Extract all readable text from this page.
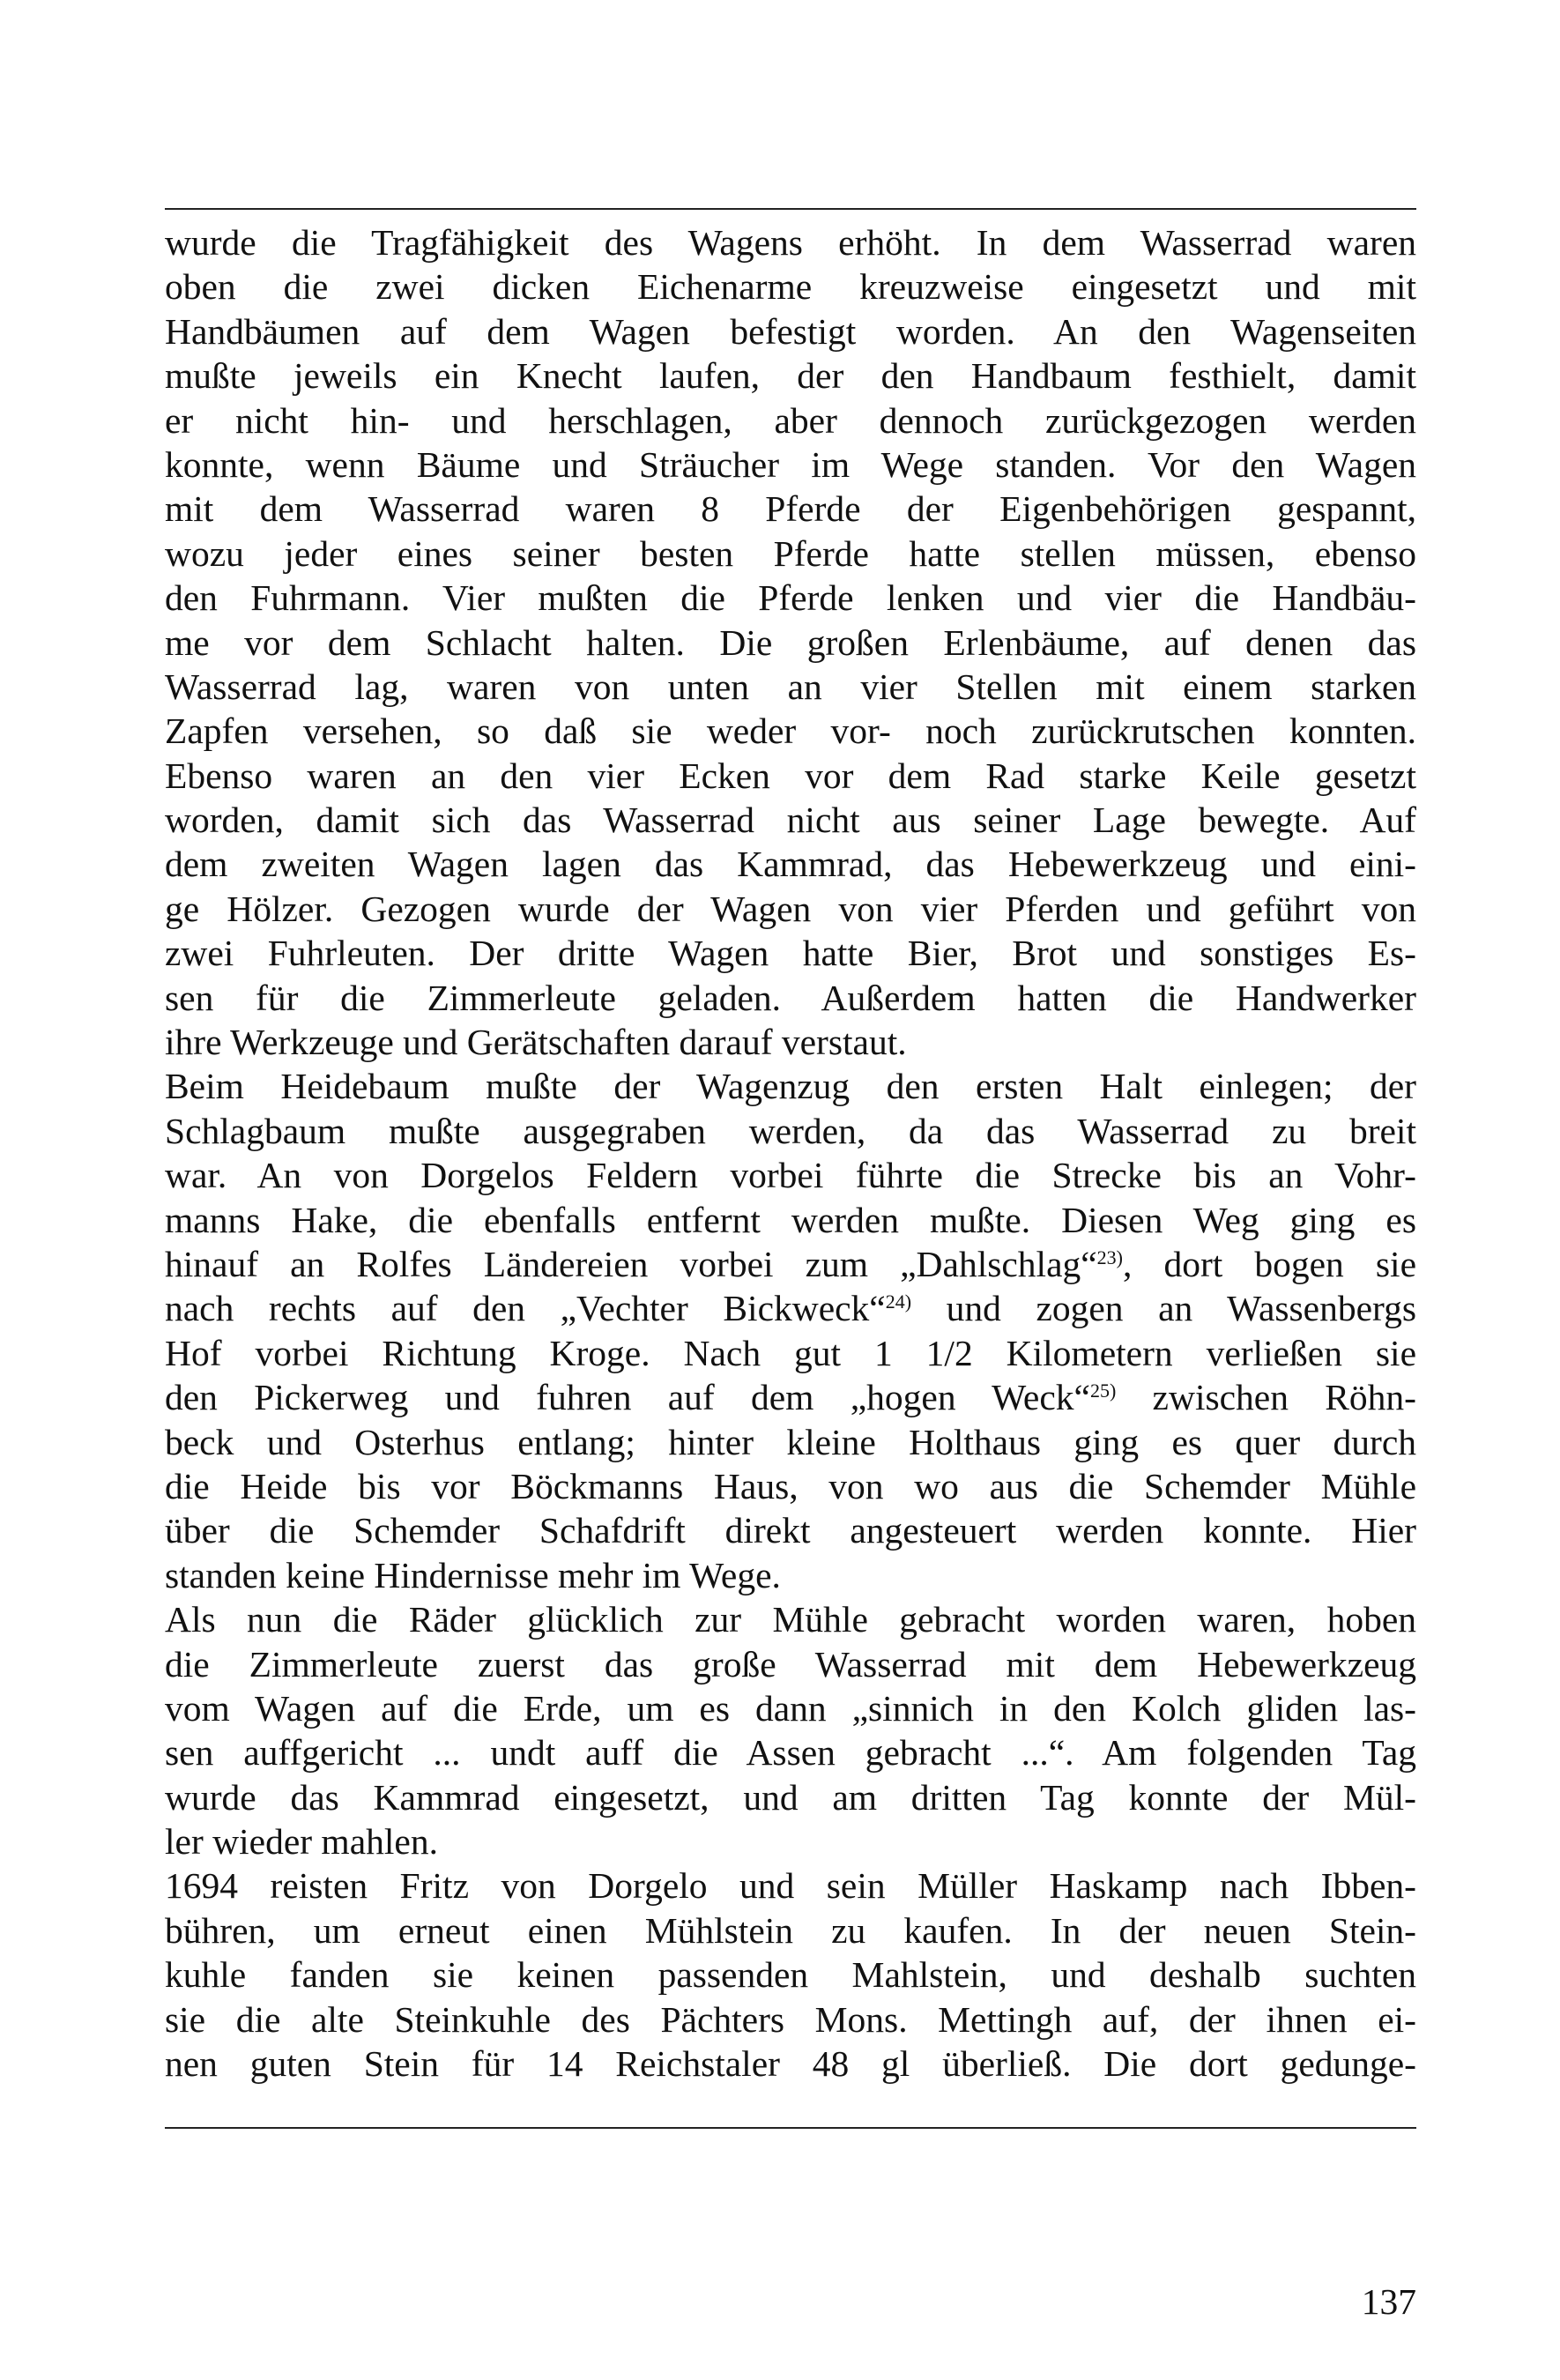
wurde die Tragfähigkeit des Wagens erhöht. In dem Wasserrad waren
oben die zwei dicken Eichenarme kreuzweise eingesetzt und mit
Handbäumen auf dem Wagen befestigt worden. An den Wagenseiten
mußte jeweils ein Knecht laufen, der den Handbaum festhielt, damit
er nicht hin- und herschlagen, aber dennoch zurückgezogen werden
konnte, wenn Bäume und Sträucher im Wege standen. Vor den Wagen
mit dem Wasserrad waren 8 Pferde der Eigenbehörigen gespannt,
wozu jeder eines seiner besten Pferde hatte stellen müssen, ebenso
den Fuhrmann. Vier mußten die Pferde lenken und vier die Handbäu-
me vor dem Schlacht halten. Die großen Erlenbäume, auf denen das
Wasserrad lag, waren von unten an vier Stellen mit einem starken
Zapfen versehen, so daß sie weder vor- noch zurückrutschen konnten.
Ebenso waren an den vier Ecken vor dem Rad starke Keile gesetzt
worden, damit sich das Wasserrad nicht aus seiner Lage bewegte. Auf
dem zweiten Wagen lagen das Kammrad, das Hebewerkzeug und eini-
ge Hölzer. Gezogen wurde der Wagen von vier Pferden und geführt von
zwei Fuhrleuten. Der dritte Wagen hatte Bier, Brot und sonstiges Es-
sen für die Zimmerleute geladen. Außerdem hatten die Handwerker
ihre Werkzeuge und Gerätschaften darauf verstaut.
Beim Heidebaum mußte der Wagenzug den ersten Halt einlegen; der
Schlagbaum mußte ausgegraben werden, da das Wasserrad zu breit
war. An von Dorgelos Feldern vorbei führte die Strecke bis an Vohr-
manns Hake, die ebenfalls entfernt werden mußte. Diesen Weg ging es
hinauf an Rolfes Ländereien vorbei zum „Dahlschlag“$^{23)}$, dort bogen sie
nach rechts auf den „Vechter Bickweck“$^{24)}$ und zogen an Wassenbergs
Hof vorbei Richtung Kroge. Nach gut 1 1/2 Kilometern verließen sie
den Pickerweg und fuhren auf dem „hogen Weck“$^{25)}$ zwischen Röhn-
beck und Osterhus entlang; hinter kleine Holthaus ging es quer durch
die Heide bis vor Böckmanns Haus, von wo aus die Schemder Mühle
über die Schemder Schafdrift direkt angesteuert werden konnte. Hier
standen keine Hindernisse mehr im Wege.
Als nun die Räder glücklich zur Mühle gebracht worden waren, hoben
die Zimmerleute zuerst das große Wasserrad mit dem Hebewerkzeug
vom Wagen auf die Erde, um es dann „sinnich in den Kolch gliden las-
sen auffgericht ... undt auff die Assen gebracht ...“. Am folgenden Tag
wurde das Kammrad eingesetzt, und am dritten Tag konnte der Mül-
ler wieder mahlen.
1694 reisten Fritz von Dorgelo und sein Müller Haskamp nach Ibben-
bühren, um erneut einen Mühlstein zu kaufen. In der neuen Stein-
kuhle fanden sie keinen passenden Mahlstein, und deshalb suchten
sie die alte Steinkuhle des Pächters Mons. Mettingh auf, der ihnen ei-
nen guten Stein für 14 Reichstaler 48 gl überließ. Die dort gedunge-
137
